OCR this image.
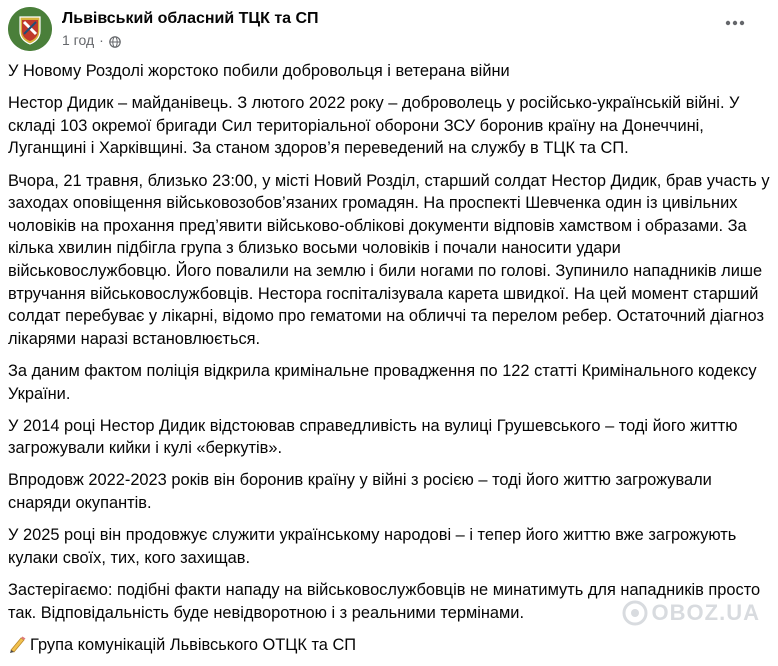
Львівський обласний ТЦК та СП
1 год ·

У Новому Роздолі жорстоко побили добровольця і ветерана війни

Нестор Дидик – майданівець. З лютого 2022 року – доброволець у російсько-українській війні. У складі 103 окремої бригади Сил територіальної оборони ЗСУ боронив країну на Донеччині, Луганщині і Харківщині. За станом здоров’я переведений на службу в ТЦК та СП.

Вчора, 21 травня, близько 23:00, у місті Новий Розділ, старший солдат Нестор Дидик, брав участь у заходах оповіщення військовозобов’язаних громадян. На проспекті Шевченка один із цивільних чоловіків на прохання пред’явити військово-облікові документи відповів хамством і образами. За кілька хвилин підбігла група з близько восьми чоловіків і почали наносити удари військовослужбовцю. Його повалили на землю і били ногами по голові. Зупинило нападників лише втручання військовослужбовців. Нестора госпіталізувала карета швидкої. На цей момент старший солдат перебуває у лікарні, відомо про гематоми на обличчі та перелом ребер. Остаточний діагноз лікарями наразі встановлюється.

За даним фактом поліція відкрила кримінальне провадження по 122 статті Кримінального кодексу України.

У 2014 році Нестор Дидик відстоював справедливість на вулиці Грушевського – тоді його життю загрожували кийки і кулі «беркутів».

Впродовж 2022-2023 років він боронив країну у війні з росією – тоді його життю загрожували снаряди окупантів.

У 2025 році він продовжує служити українському народові – і тепер його життю вже загрожують кулаки своїх, тих, кого захищав.

Застерігаємо: подібні факти нападу на військовослужбовців не минатимуть для нападників просто так. Відповідальність буде невідворотною і з реальними термінами.

Група комунікацій Львівського ОТЦК та СП

OBOZ.UA
